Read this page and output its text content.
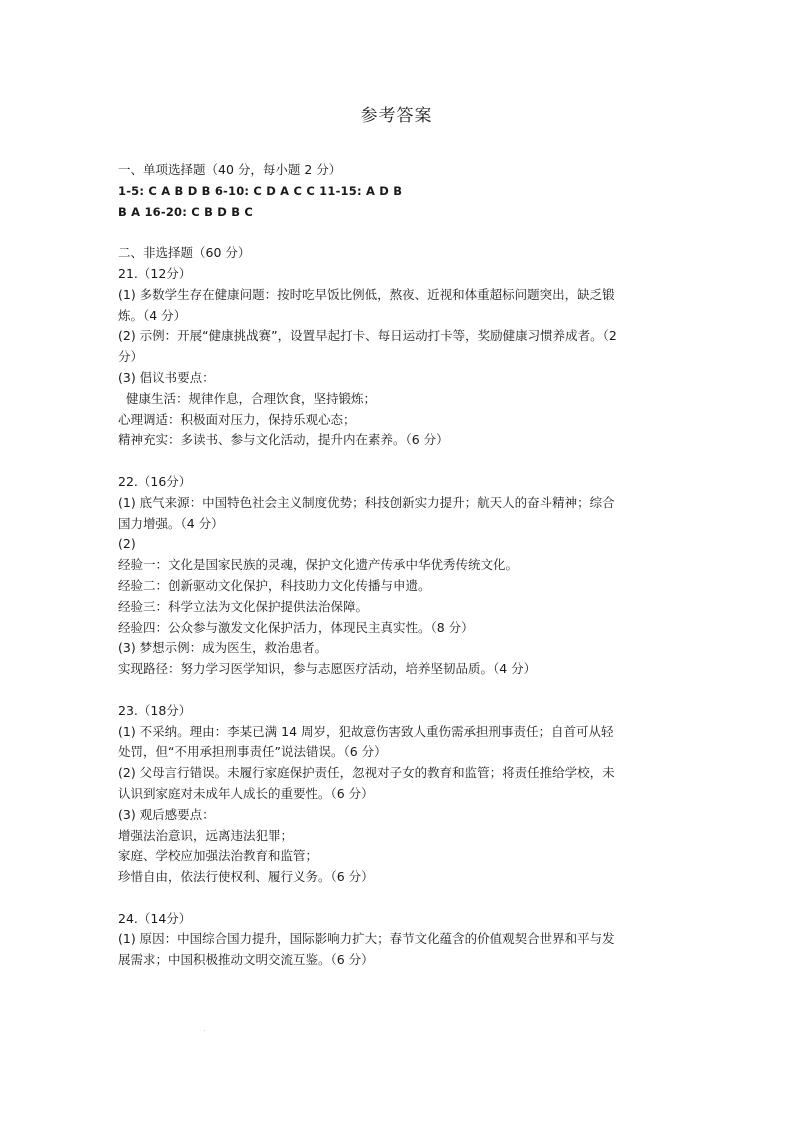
参考答案
一、单项选择题（40 分，每小题 2 分）
1-5: C A B D B 6-10: C D A C C 11-15: A D B
B A 16-20: C B D B C
二、非选择题（60 分）
21.（12分）
(1) 多数学生存在健康问题：按时吃早饭比例低，熬夜、近视和体重超标问题突出，缺乏锻
炼。（4 分）
(2) 示例：开展“健康挑战赛”，设置早起打卡、每日运动打卡等，奖励健康习惯养成者。（2
分）
(3) 倡议书要点：
健康生活：规律作息，合理饮食，坚持锻炼；
心理调适：积极面对压力，保持乐观心态；
精神充实：多读书、参与文化活动，提升内在素养。（6 分）
22.（16分）
(1) 底气来源：中国特色社会主义制度优势；科技创新实力提升；航天人的奋斗精神；综合
国力增强。（4 分）
(2)
经验一：文化是国家民族的灵魂，保护文化遗产传承中华优秀传统文化。
经验二：创新驱动文化保护，科技助力文化传播与申遗。
经验三：科学立法为文化保护提供法治保障。
经验四：公众参与激发文化保护活力，体现民主真实性。（8 分）
(3) 梦想示例：成为医生，救治患者。
实现路径：努力学习医学知识，参与志愿医疗活动，培养坚韧品质。（4 分）
23.（18分）
(1) 不采纳。理由：李某已满 14 周岁，犯故意伤害致人重伤需承担刑事责任；自首可从轻
处罚，但“不用承担刑事责任”说法错误。（6 分）
(2) 父母言行错误。未履行家庭保护责任，忽视对子女的教育和监管；将责任推给学校，未
认识到家庭对未成年人成长的重要性。（6 分）
(3) 观后感要点：
增强法治意识，远离违法犯罪；
家庭、学校应加强法治教育和监管；
珍惜自由，依法行使权利、履行义务。（6 分）
24.（14分）
(1) 原因：中国综合国力提升，国际影响力扩大；春节文化蕴含的价值观契合世界和平与发
展需求；中国积极推动文明交流互鉴。（6 分）
